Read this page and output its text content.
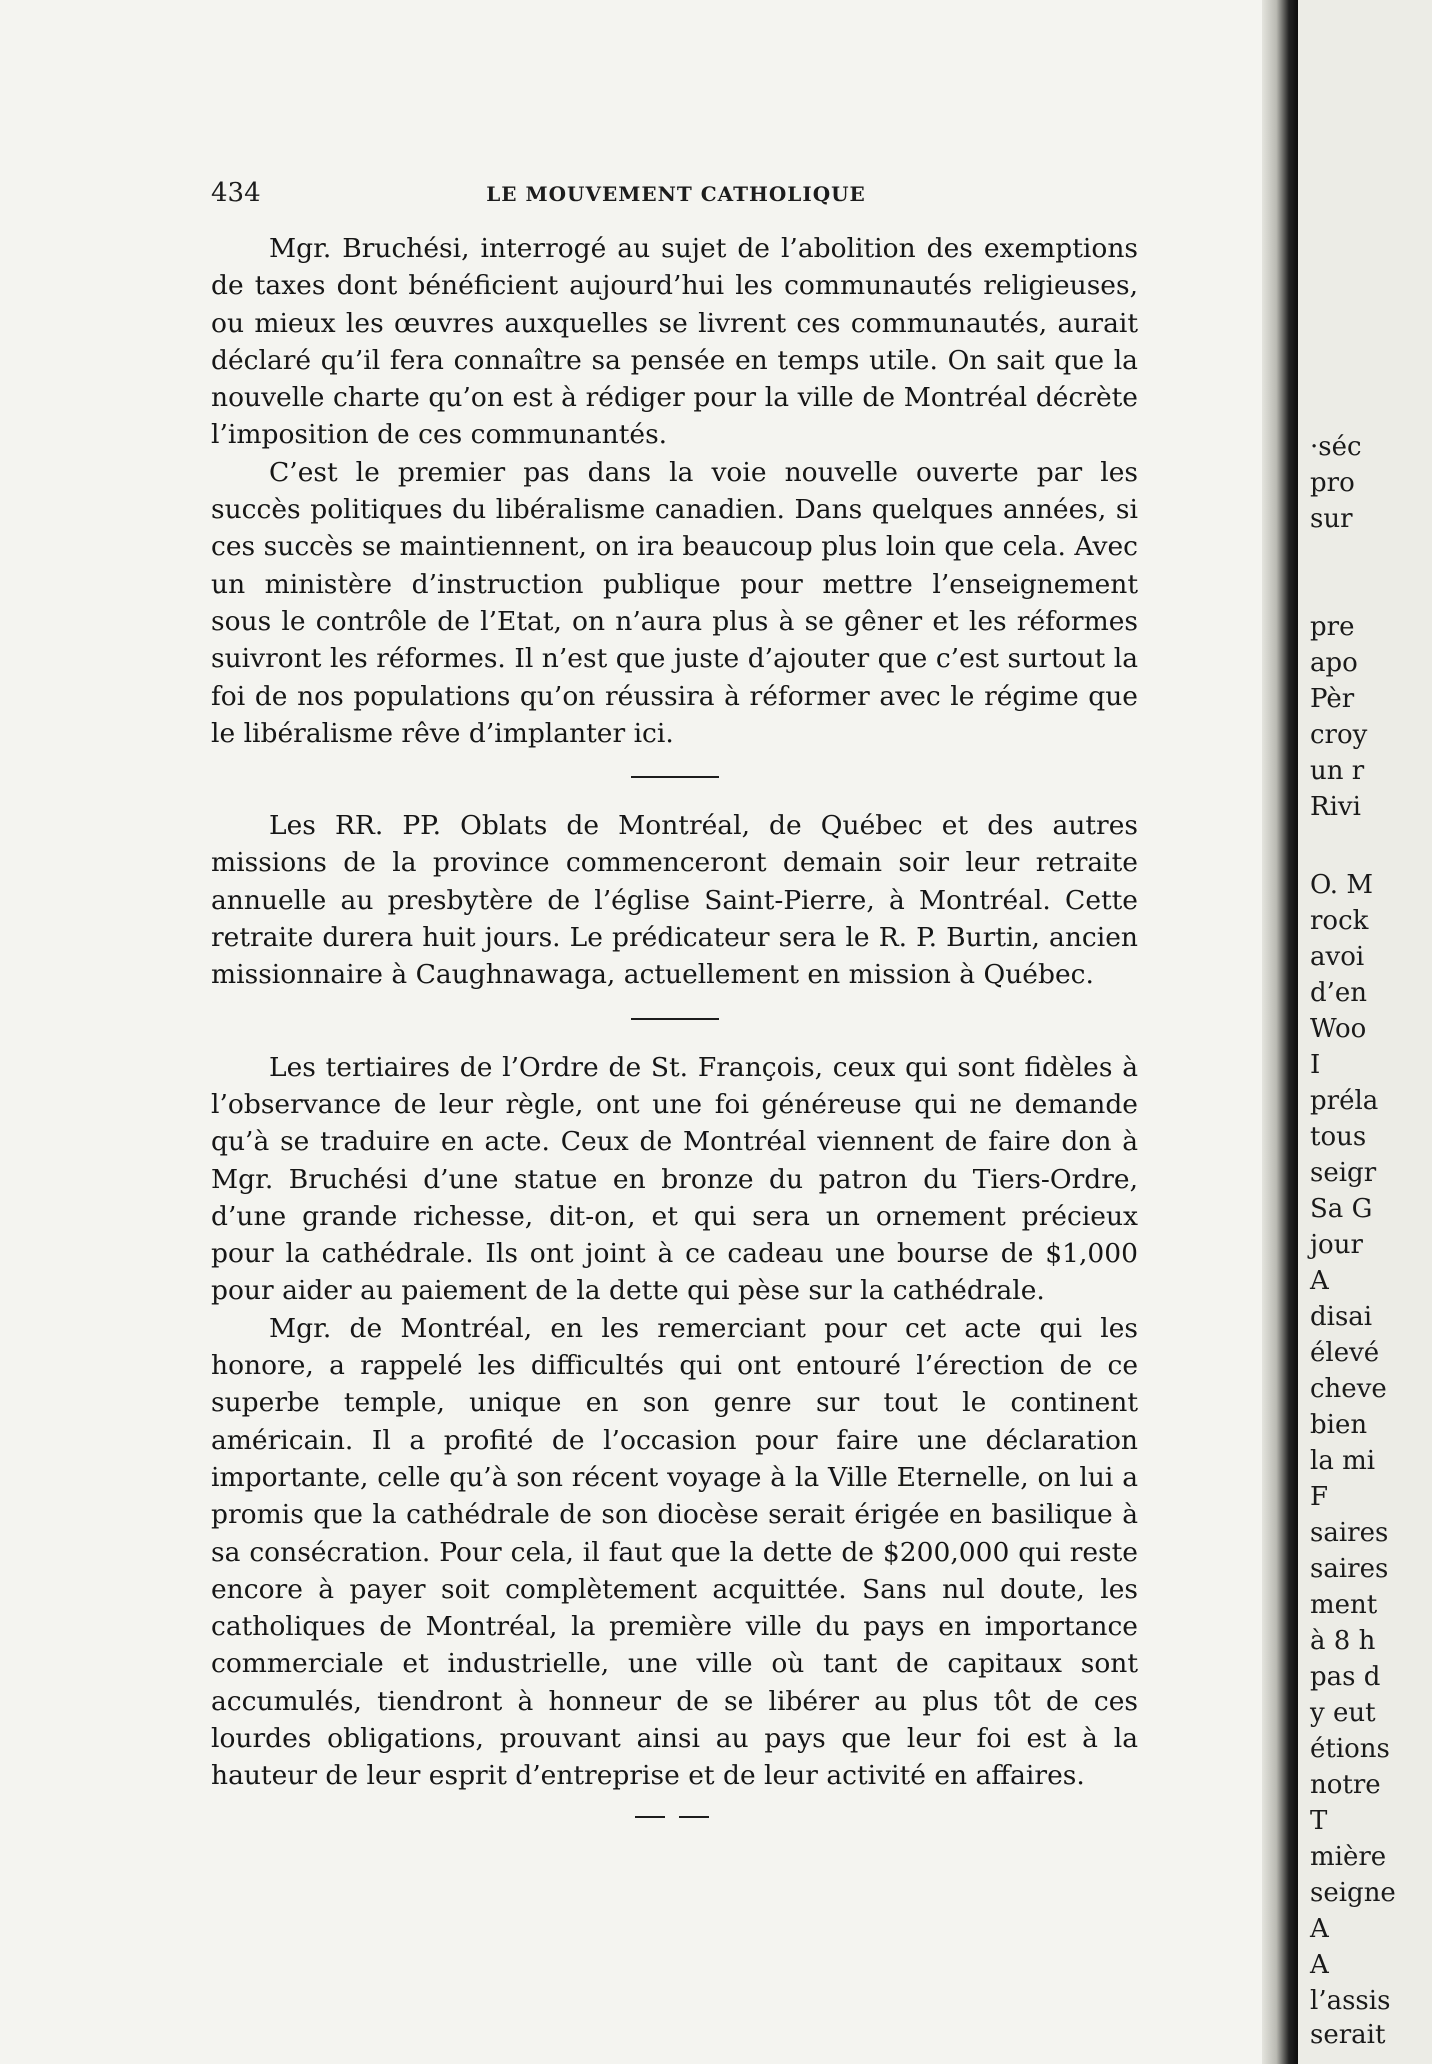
434	LE MOUVEMENT CATHOLIQUE

Mgr. Bruchési, interrogé au sujet de l’abolition des exemptions de taxes dont bénéficient aujourd’hui les communautés religieuses, ou mieux les œuvres auxquelles se livrent ces communautés, aurait déclaré qu’il fera connaître sa pensée en temps utile. On sait que la nouvelle charte qu’on est à rédiger pour la ville de Montréal décrète l’imposition de ces communantés.

C’est le premier pas dans la voie nouvelle ouverte par les succès politiques du libéralisme canadien. Dans quelques années, si ces succès se maintiennent, on ira beaucoup plus loin que cela. Avec un ministère d’instruction publique pour mettre l’enseignement sous le contrôle de l’Etat, on n’aura plus à se gêner et les réformes suivront les réformes. Il n’est que juste d’ajouter que c’est surtout la foi de nos populations qu’on réussira à réformer avec le régime que le libéralisme rêve d’implanter ici.

Les RR. PP. Oblats de Montréal, de Québec et des autres missions de la province commenceront demain soir leur retraite annuelle au presbytère de l’église Saint-Pierre, à Montréal. Cette retraite durera huit jours. Le prédicateur sera le R. P. Burtin, ancien missionnaire à Caughnawaga, actuellement en mission à Québec.

Les tertiaires de l’Ordre de St. François, ceux qui sont fidèles à l’observance de leur règle, ont une foi généreuse qui ne demande qu’à se traduire en acte. Ceux de Montréal viennent de faire don à Mgr. Bruchési d’une statue en bronze du patron du Tiers-Ordre, d’une grande richesse, dit-on, et qui sera un ornement précieux pour la cathédrale. Ils ont joint à ce cadeau une bourse de $1,000 pour aider au paiement de la dette qui pèse sur la cathédrale.

Mgr. de Montréal, en les remerciant pour cet acte qui les honore, a rappelé les difficultés qui ont entouré l’érection de ce superbe temple, unique en son genre sur tout le continent américain. Il a profité de l’occasion pour faire une déclaration importante, celle qu’à son récent voyage à la Ville Eternelle, on lui a promis que la cathédrale de son diocèse serait érigée en basilique à sa consécration. Pour cela, il faut que la dette de $200,000 qui reste encore à payer soit complètement acquittée. Sans nul doute, les catholiques de Montréal, la première ville du pays en importance commerciale et industrielle, une ville où tant de capitaux sont accumulés, tiendront à honneur de se libérer au plus tôt de ces lourdes obligations, prouvant ainsi au pays que leur foi est à la hauteur de leur esprit d’entreprise et de leur activité en affaires.

·séc
pro
sur
pre
apo
Pèr
croy
un r
Rivi
O. M
rock
avoi
d’en
Woo
I
préla
tous
seigr
Sa G
jour
A
disai
élevé
cheve
bien
la mi
F
saires
saires
ment
à 8 h
pas d
y eut
étions
notre
T
mière
seigne
A
A
l’assis
serait
